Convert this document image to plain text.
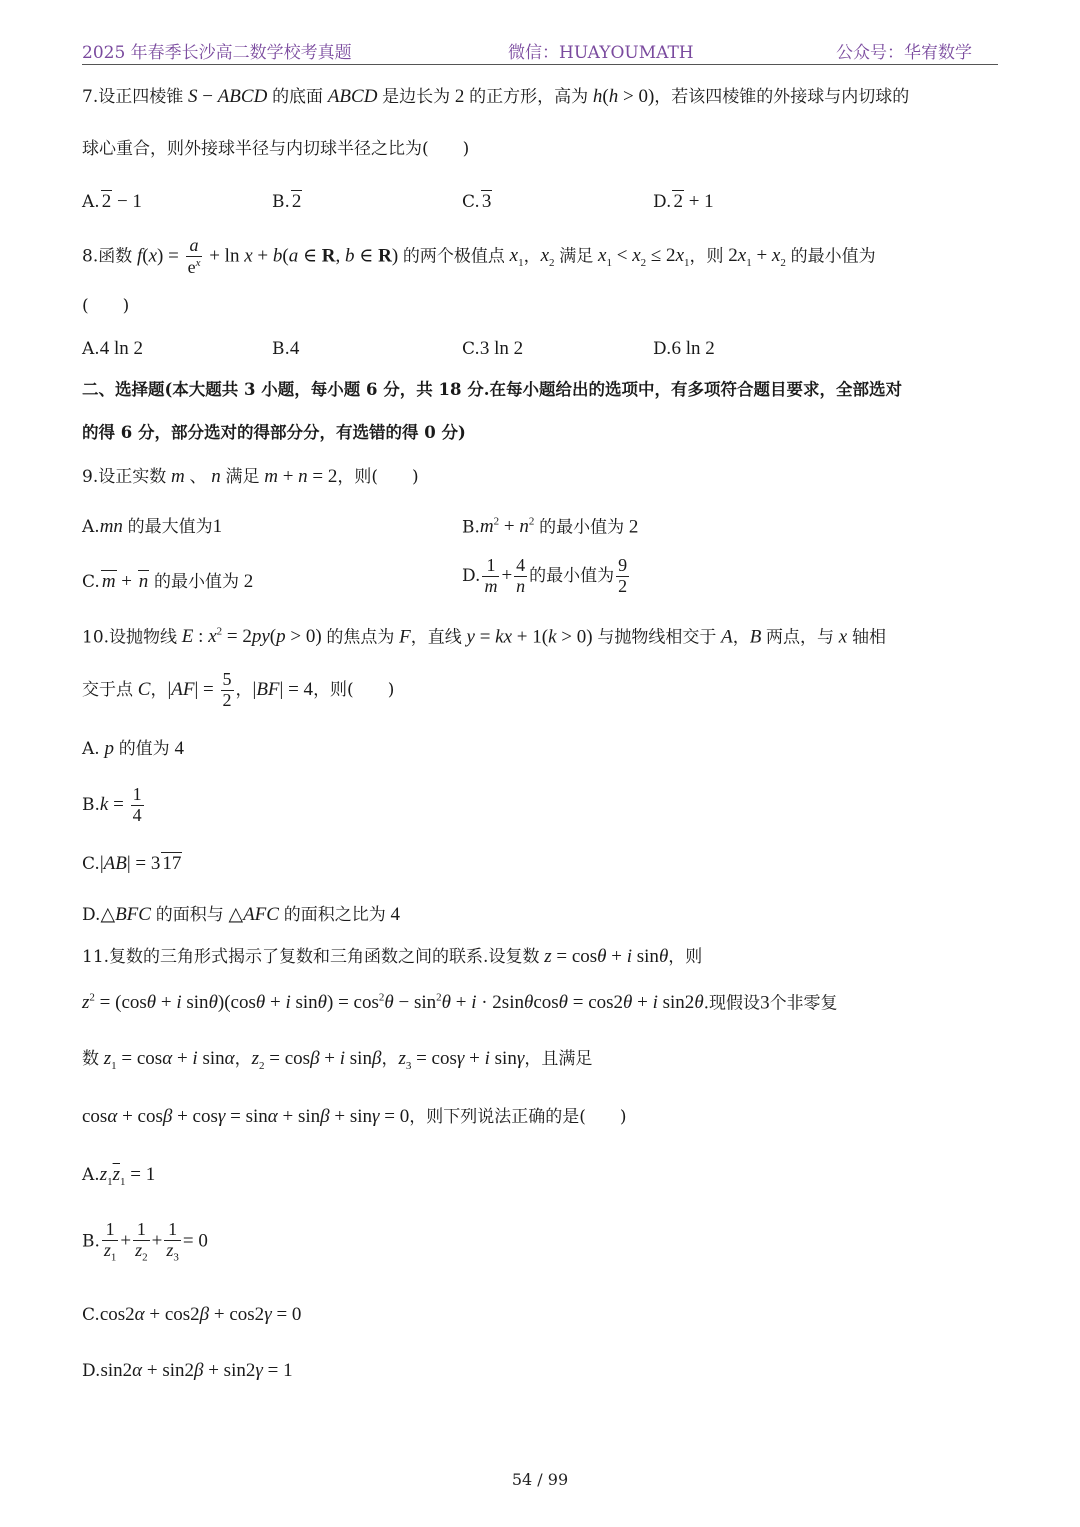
2025 年春季长沙高二数学校考真题	微信：HUAYOUMATH	公众号：华宥数学
7.设正四棱锥 S − ABCD 的底面 ABCD 是边长为 2 的正方形，高为 h(h > 0)，若该四棱锥的外接球与内切球的
球心重合，则外接球半径与内切球半径之比为(　　)
A. 2 − 1	B. 2	C. 3	D. 2 + 1
8.函数 $f(x) = \frac{a}{e^x} + \ln x + b(a$ ∈ R, b ∈ R) 的两个极值点 $x_1$，$x_2$ 满足 $x_1 < x_2 \le 2x_1$，则 $2x_1 + x_2$ 的最小值为
(　　)
A.4 ln 2	B.4	C.3 ln 2	D.6 ln 2
二、选择题(本大题共 3 小题，每小题 6 分，共 18 分.在每小题给出的选项中，有多项符合题目要求，全部选对
的得 6 分，部分选对的得部分分，有选错的得 0 分)
9.设正实数 m 、 n 满足 m + n = 2，则(　　)
A.mn 的最大值为1	$B.m^2 + n^2$ 的最小值为 2
C. m + n 的最小值为 2	D. $\frac{1}{m} + \frac{4}{n}$ 的最小值为 $\frac{9}{2}$
10.设抛物线 E : $x^2 = 2py(p > 0)$ 的焦点为 F，直线 y = kx + 1(k > 0) 与抛物线相交于 A，B 两点，与 x 轴相
交于点 C，$|AF| = \frac{5}{2}$ ，|BF| = 4，则(　　)
A. p 的值为 4
$B.k = \frac{1}{4}$
C.|AB| = 3 17
D.△BFC 的面积与 △AFC 的面积之比为 4
11.复数的三角形式揭示了复数和三角函数之间的联系.设复数 z = cosθ + i sinθ，则
$z^2 = (\cos\theta + i$ sinθ)(cosθ + i $\sin\theta) = \cos^2\theta - \sin^2\theta + i \cdot 2\sin\theta\cos\theta = \cos 2\theta + i$ sin2θ.现假设3个非零复
数 $z_1 = \cos\alpha + i$ sinα，$z_2 = \cos\beta + i$ sinβ，$z_3 = \cos\gamma + i$ sinγ，且满足
cosα + cosβ + cosγ = sinα + sinβ + sinγ = 0，则下列说法正确的是(　　)
$A.z_1\overline{z}_1 = 1$
B. $\frac{1}{z_1} + \frac{1}{z_2} + \frac{1}{z_3} = 0$
C.cos2α + cos2β + cos2γ = 0
D.sin2α + sin2β + sin2γ = 1
54 / 99
